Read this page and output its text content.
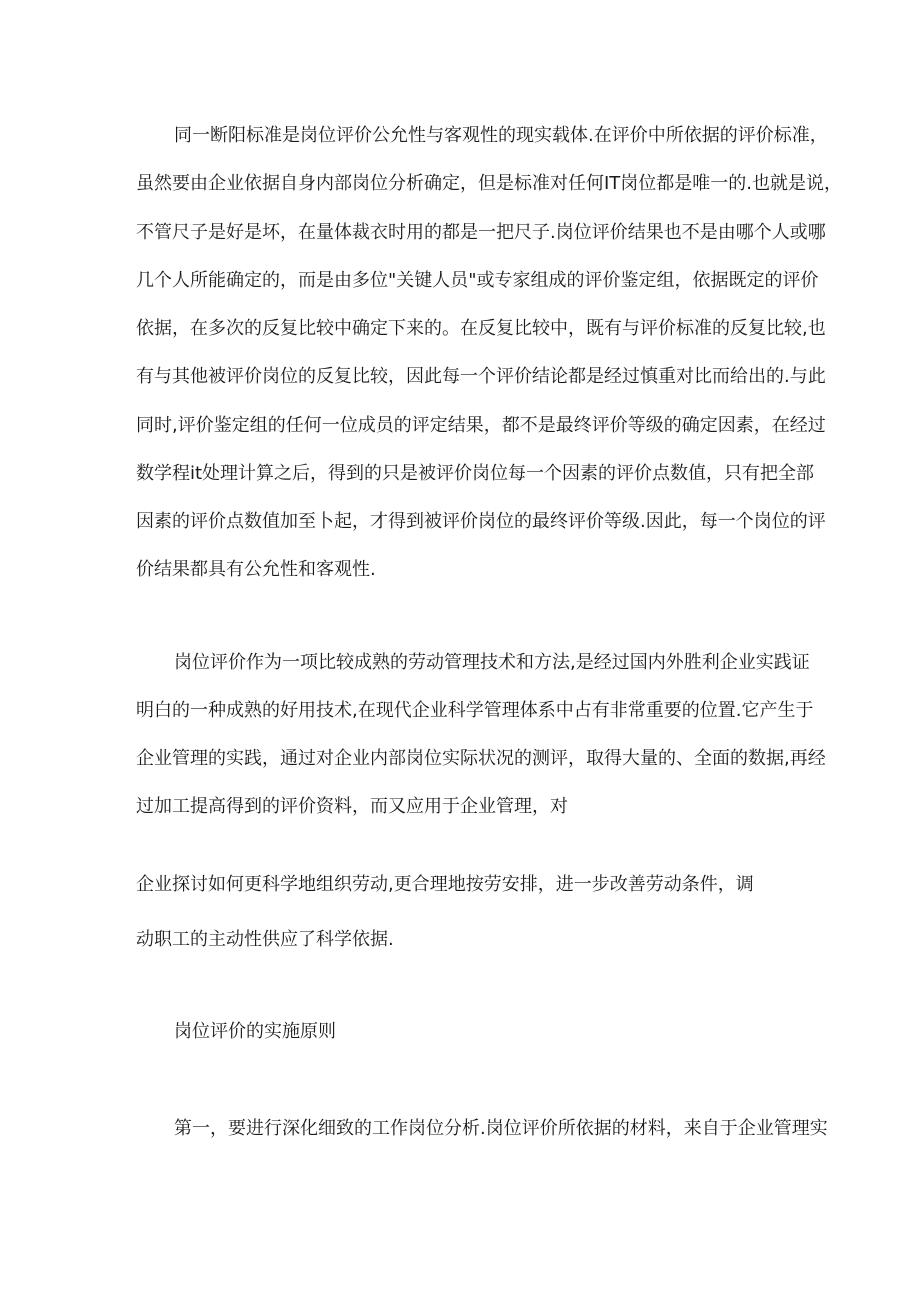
同一断阳标准是岗位评价公允性与客观性的现实载体.在评价中所依据的评价标准，
虽然要由企业依据自身内部岗位分析确定，但是标准对任何IT岗位都是唯一的.也就是说，
不管尺子是好是坏，在量体裁衣时用的都是一把尺子.岗位评价结果也不是由哪个人或哪
几个人所能确定的，而是由多位"关键人员"或专家组成的评价鉴定组，依据既定的评价
依据，在多次的反复比较中确定下来的。在反复比较中，既有与评价标准的反复比较,也
有与其他被评价岗位的反复比较，因此每一个评价结论都是经过慎重对比而给出的.与此
同时,评价鉴定组的任何一位成员的评定结果，都不是最终评价等级的确定因素，在经过
数学程it处理计算之后，得到的只是被评价岗位每一个因素的评价点数值，只有把全部
因素的评价点数值加至卜起，才得到被评价岗位的最终评价等级.因此，每一个岗位的评
价结果都具有公允性和客观性.
岗位评价作为一项比较成熟的劳动管理技术和方法,是经过国内外胜利企业实践证
明白的一种成熟的好用技术,在现代企业科学管理体系中占有非常重要的位置.它产生于
企业管理的实践，通过对企业内部岗位实际状况的测评，取得大量的、全面的数据,再经
过加工提高得到的评价资料，而又应用于企业管理，对
企业探讨如何更科学地组织劳动,更合理地按劳安排，进一步改善劳动条件，调
动职工的主动性供应了科学依据.
岗位评价的实施原则
第一，要进行深化细致的工作岗位分析.岗位评价所依据的材料，来自于企业管理实
